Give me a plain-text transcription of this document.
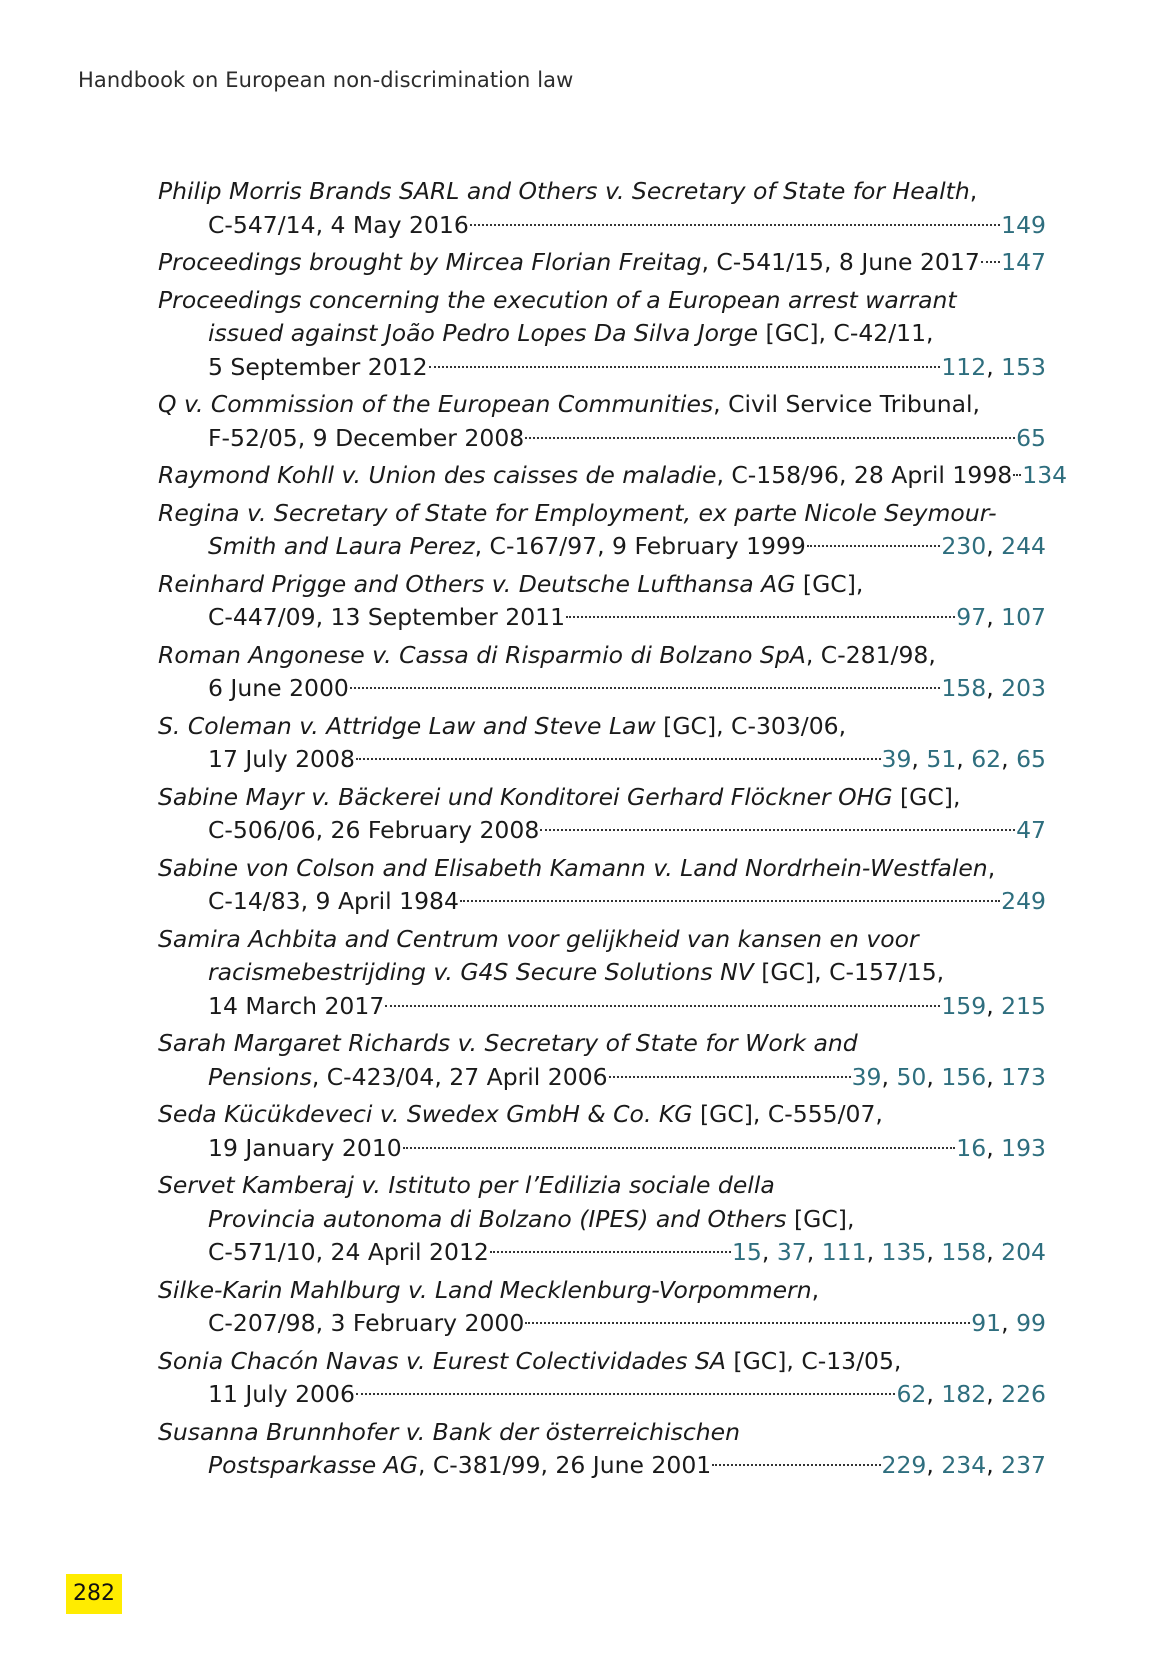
Handbook on European non-discrimination law
Philip Morris Brands SARL and Others v. Secretary of State for Health,
C-547/14, 4 May 2016	149
Proceedings brought by Mircea Florian Freitag, C-541/15, 8 June 2017 147
Proceedings concerning the execution of a European arrest warrant
issued against João Pedro Lopes Da Silva Jorge [GC], C-42/11,
5 September 2012	112, 153
Q v. Commission of the European Communities, Civil Service Tribunal,
F-52/05, 9 December 2008	65
Raymond Kohll v. Union des caisses de maladie, C-158/96, 28 April 1998 134
Regina v. Secretary of State for Employment, ex parte Nicole Seymour-
Smith and Laura Perez, C-167/97, 9 February 1999	230, 244
Reinhard Prigge and Others v. Deutsche Lufthansa AG [GC],
C-447/09, 13 September 2011	97, 107
Roman Angonese v. Cassa di Risparmio di Bolzano SpA, C-281/98,
6 June 2000	158, 203
S. Coleman v. Attridge Law and Steve Law [GC], C-303/06,
17 July 2008	39, 51, 62, 65
Sabine Mayr v. Bäckerei und Konditorei Gerhard Flöckner OHG [GC],
C-506/06, 26 February 2008	47
Sabine von Colson and Elisabeth Kamann v. Land Nordrhein-Westfalen,
C-14/83, 9 April 1984	249
Samira Achbita and Centrum voor gelijkheid van kansen en voor
racismebestrijding v. G4S Secure Solutions NV [GC], C-157/15,
14 March 2017	159, 215
Sarah Margaret Richards v. Secretary of State for Work and
Pensions, C-423/04, 27 April 2006	39, 50, 156, 173
Seda Kücükdeveci v. Swedex GmbH & Co. KG [GC], C-555/07,
19 January 2010	16, 193
Servet Kamberaj v. Istituto per l’Edilizia sociale della
Provincia autonoma di Bolzano (IPES) and Others [GC],
C-571/10, 24 April 2012	15, 37, 111, 135, 158, 204
Silke-Karin Mahlburg v. Land Mecklenburg-Vorpommern,
C-207/98, 3 February 2000	91, 99
Sonia Chacón Navas v. Eurest Colectividades SA [GC], C-13/05,
11 July 2006	62, 182, 226
Susanna Brunnhofer v. Bank der österreichischen
Postsparkasse AG, C-381/99, 26 June 2001	229, 234, 237
282
